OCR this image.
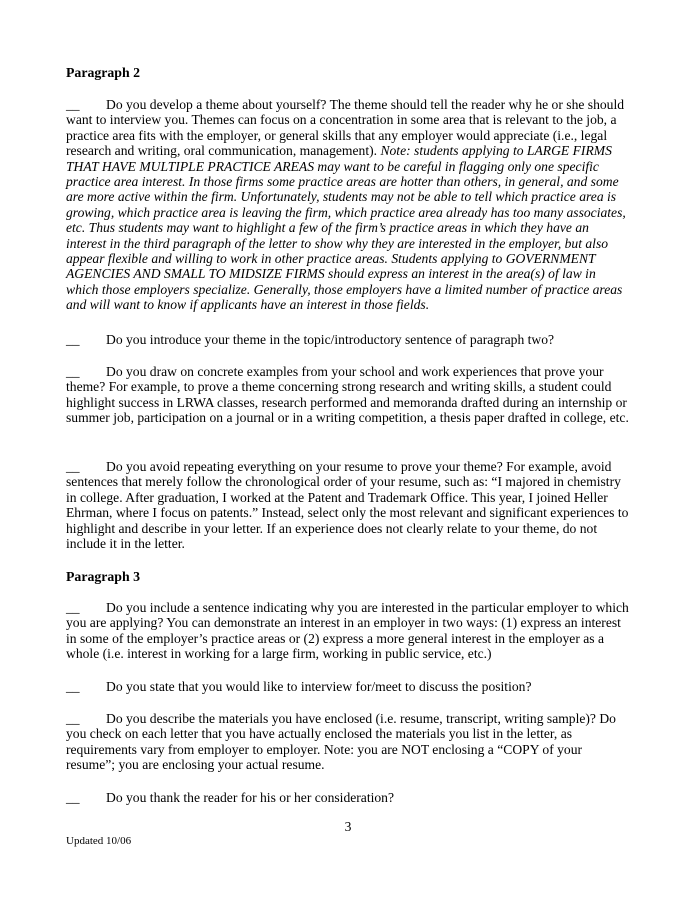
Paragraph 2

__ Do you develop a theme about yourself? The theme should tell the reader why he or she should want to interview you. Themes can focus on a concentration in some area that is relevant to the job, a practice area fits with the employer, or general skills that any employer would appreciate (i.e., legal research and writing, oral communication, management). Note: students applying to LARGE FIRMS THAT HAVE MULTIPLE PRACTICE AREAS may want to be careful in flagging only one specific practice area interest. In those firms some practice areas are hotter than others, in general, and some are more active within the firm. Unfortunately, students may not be able to tell which practice area is growing, which practice area is leaving the firm, which practice area already has too many associates, etc. Thus students may want to highlight a few of the firm’s practice areas in which they have an interest in the third paragraph of the letter to show why they are interested in the employer, but also appear flexible and willing to work in other practice areas. Students applying to GOVERNMENT AGENCIES AND SMALL TO MIDSIZE FIRMS should express an interest in the area(s) of law in which those employers specialize. Generally, those employers have a limited number of practice areas and will want to know if applicants have an interest in those fields.

__ Do you introduce your theme in the topic/introductory sentence of paragraph two?

__ Do you draw on concrete examples from your school and work experiences that prove your theme? For example, to prove a theme concerning strong research and writing skills, a student could highlight success in LRWA classes, research performed and memoranda drafted during an internship or summer job, participation on a journal or in a writing competition, a thesis paper drafted in college, etc.

__ Do you avoid repeating everything on your resume to prove your theme? For example, avoid sentences that merely follow the chronological order of your resume, such as: “I majored in chemistry in college. After graduation, I worked at the Patent and Trademark Office. This year, I joined Heller Ehrman, where I focus on patents.” Instead, select only the most relevant and significant experiences to highlight and describe in your letter. If an experience does not clearly relate to your theme, do not include it in the letter.

Paragraph 3

__ Do you include a sentence indicating why you are interested in the particular employer to which you are applying? You can demonstrate an interest in an employer in two ways: (1) express an interest in some of the employer’s practice areas or (2) express a more general interest in the employer as a whole (i.e. interest in working for a large firm, working in public service, etc.)

__ Do you state that you would like to interview for/meet to discuss the position?

__ Do you describe the materials you have enclosed (i.e. resume, transcript, writing sample)? Do you check on each letter that you have actually enclosed the materials you list in the letter, as requirements vary from employer to employer. Note: you are NOT enclosing a “COPY of your resume”; you are enclosing your actual resume.

__ Do you thank the reader for his or her consideration?

3
Updated 10/06
